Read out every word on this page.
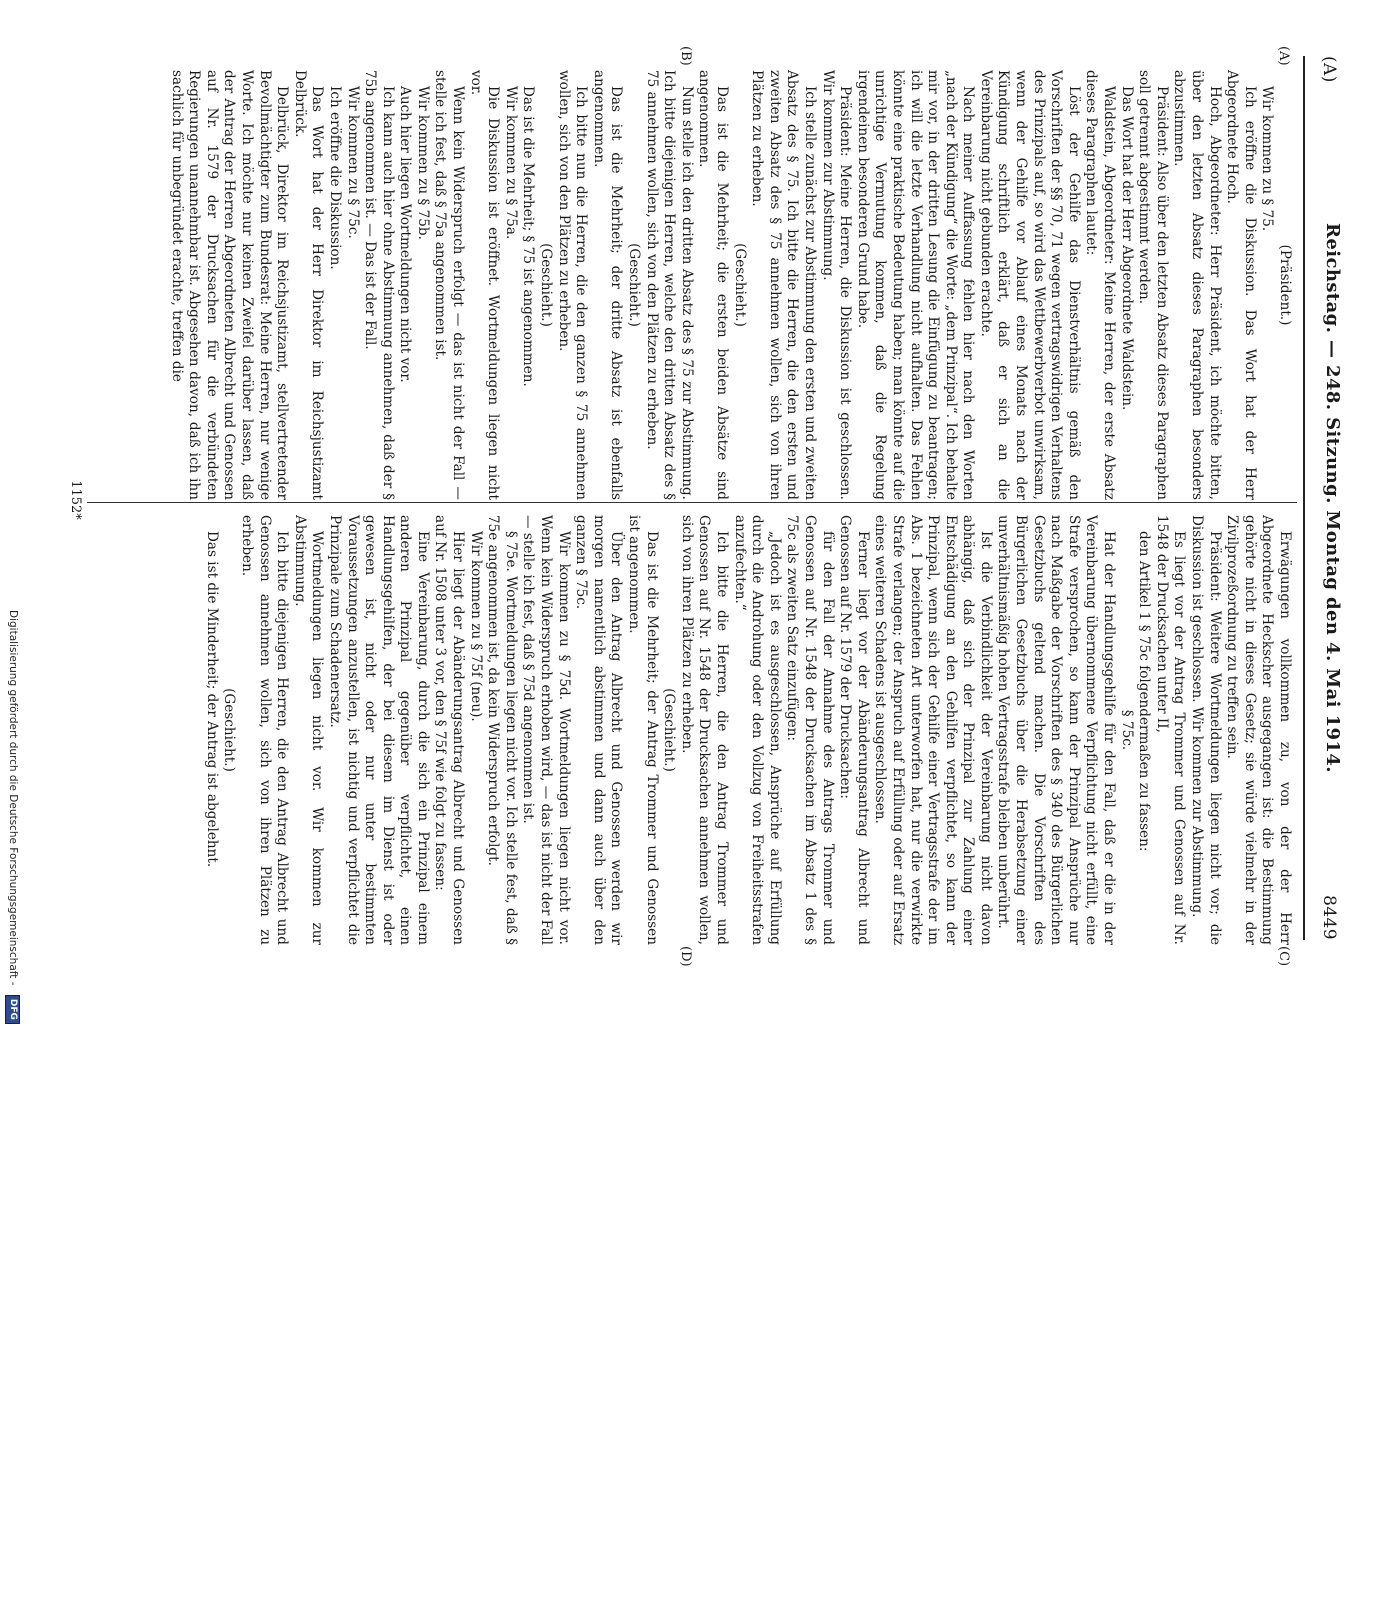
(A)
Reichstag. — 248. Sitzung. Montag den 4. Mai 1914.
8449
(A)
(B)
(C)
(D)

(Präsident.)

Wir kommen zu § 75.

Ich eröffne die Diskussion. Das Wort hat der Herr Abgeordnete Hoch.

Hoch, Abgeordneter: Herr Präsident, ich möchte bitten, über den letzten Absatz dieses Paragraphen besonders abzustimmen.

Präsident: Also über den letzten Absatz dieses Paragraphen soll getrennt abgestimmt werden.

Das Wort hat der Herr Abgeordnete Waldstein.

Waldstein, Abgeordneter: Meine Herren, der erste Absatz dieses Paragraphen lautet:

Löst der Gehilfe das Dienstverhältnis gemäß den Vorschriften der §§ 70, 71 wegen vertragswidrigen Verhaltens des Prinzipals auf, so wird das Wettbewerbverbot unwirksam, wenn der Gehilfe vor Ablauf eines Monats nach der Kündigung schriftlich erklärt, daß er sich an die Vereinbarung nicht gebunden erachte.

Nach meiner Auffassung fehlen hier nach den Worten „nach der Kündigung“ die Worte: „dem Prinzipal“. Ich behalte mir vor, in der dritten Lesung die Einfügung zu beantragen; ich will die letzte Verhandlung nicht aufhalten. Das Fehlen könnte eine praktische Bedeutung haben; man könnte auf die unrichtige Vermutung kommen, daß die Regelung irgendeinen besonderen Grund habe.

Präsident: Meine Herren, die Diskussion ist geschlossen. Wir kommen zur Abstimmung.

Ich stelle zunächst zur Abstimmung den ersten und zweiten Absatz des § 75. Ich bitte die Herren, die den ersten und zweiten Absatz des § 75 annehmen wollen, sich von ihren Plätzen zu erheben.

(Geschieht.)

Das ist die Mehrheit; die ersten beiden Absätze sind angenommen.

Nun stelle ich den dritten Absatz des § 75 zur Abstimmung. Ich bitte diejenigen Herren, welche den dritten Absatz des § 75 annehmen wollen, sich von den Plätzen zu erheben.

(Geschieht.)

Das ist die Mehrheit; der dritte Absatz ist ebenfalls angenommen.

Ich bitte nun die Herren, die den ganzen § 75 annehmen wollen, sich von den Plätzen zu erheben.

(Geschieht.)

Das ist die Mehrheit; § 75 ist angenommen.

Wir kommen zu § 75a.

Die Diskussion ist eröffnet. Wortmeldungen liegen nicht vor.

Wenn kein Widerspruch erfolgt — das ist nicht der Fall — stelle ich fest, daß § 75a angenommen ist.

Wir kommen zu § 75b.

Auch hier liegen Wortmeldungen nicht vor.

Ich kann auch hier ohne Abstimmung annehmen, daß der § 75b angenommen ist. — Das ist der Fall.

Wir kommen zu § 75c.

Ich eröffne die Diskussion.

Das Wort hat der Herr Direktor im Reichsjustizamt Delbrück.

Delbrück, Direktor im Reichsjustizamt, stellvertretender Bevollmächtigter zum Bundesrat: Meine Herren, nur wenige Worte. Ich möchte nur keinen Zweifel darüber lassen, daß der Antrag der Herren Abgeordneten Albrecht und Genossen auf Nr. 1579 der Drucksachen für die verbündeten Regierungen unannehmbar ist. Abgesehen davon, daß ich ihn sachlich für unbegründet erachte, treffen die

Erwägungen vollkommen zu, von der der Herr Abgeordnete Heckscher ausgegangen ist: die Bestimmung gehörte nicht in dieses Gesetz; sie würde vielmehr in der Zivilprozeßordnung zu treffen sein.

Präsident: Weitere Wortmeldungen liegen nicht vor; die Diskussion ist geschlossen. Wir kommen zur Abstimmung.

Es liegt vor der Antrag Trommer und Genossen auf Nr. 1548 der Drucksachen unter II,

den Artikel 1 § 75c folgendermaßen zu fassen:

§ 75c.

Hat der Handlungsgehilfe für den Fall, daß er die in der Vereinbarung übernommene Verpflichtung nicht erfüllt, eine Strafe versprochen, so kann der Prinzipal Ansprüche nur nach Maßgabe der Vorschriften des § 340 des Bürgerlichen Gesetzbuchs geltend machen. Die Vorschriften des Bürgerlichen Gesetzbuchs über die Herabsetzung einer unverhältnismäßig hohen Vertragsstrafe bleiben unberührt.

Ist die Verbindlichkeit der Vereinbarung nicht davon abhängig, daß sich der Prinzipal zur Zahlung einer Entschädigung an den Gehilfen verpflichtet, so kann der Prinzipal, wenn sich der Gehilfe einer Vertragsstrafe der im Abs. 1 bezeichneten Art unterworfen hat, nur die verwirkte Strafe verlangen; der Anspruch auf Erfüllung oder auf Ersatz eines weiteren Schadens ist ausgeschlossen.

Ferner liegt vor der Abänderungsantrag Albrecht und Genossen auf Nr. 1579 der Drucksachen:

für den Fall der Annahme des Antrags Trommer und Genossen auf Nr. 1548 der Drucksachen im Absatz 1 des § 75c als zweiten Satz einzufügen:

„Jedoch ist es ausgeschlossen, Ansprüche auf Erfüllung durch die Androhung oder den Vollzug von Freiheitsstrafen anzufechten.“

Ich bitte die Herren, die den Antrag Trommer und Genossen auf Nr. 1548 der Drucksachen annehmen wollen, sich von ihren Plätzen zu erheben.

(Geschieht.)

Das ist die Mehrheit; der Antrag Trommer und Genossen ist angenommen.

Über den Antrag Albrecht und Genossen werden wir morgen namentlich abstimmen und dann auch über den ganzen § 75c.

Wir kommen zu § 75d. Wortmeldungen liegen nicht vor. Wenn kein Widerspruch erhoben wird, — das ist nicht der Fall — stelle ich fest, daß § 75d angenommen ist.

§ 75e. Wortmeldungen liegen nicht vor. Ich stelle fest, daß § 75e angenommen ist, da kein Widerspruch erfolgt.

Wir kommen zu § 75f (neu).

Hier liegt der Abänderungsantrag Albrecht und Genossen auf Nr. 1508 unter 3 vor, den § 75f wie folgt zu fassen:

Eine Vereinbarung, durch die sich ein Prinzipal einem anderen Prinzipal gegenüber verpflichtet, einen Handlungsgehilfen, der bei diesem im Dienst ist oder gewesen ist, nicht oder nur unter bestimmten Voraussetzungen anzustellen, ist nichtig und verpflichtet die Prinzipale zum Schadenersatz.

Wortmeldungen liegen nicht vor. Wir kommen zur Abstimmung.

Ich bitte diejenigen Herren, die den Antrag Albrecht und Genossen annehmen wollen, sich von ihren Plätzen zu erheben.

(Geschieht.)

Das ist die Minderheit; der Antrag ist abgelehnt.

1152*
Digitalisierung gefördert durch die Deutsche Forschungsgemeinschaft - DFG
